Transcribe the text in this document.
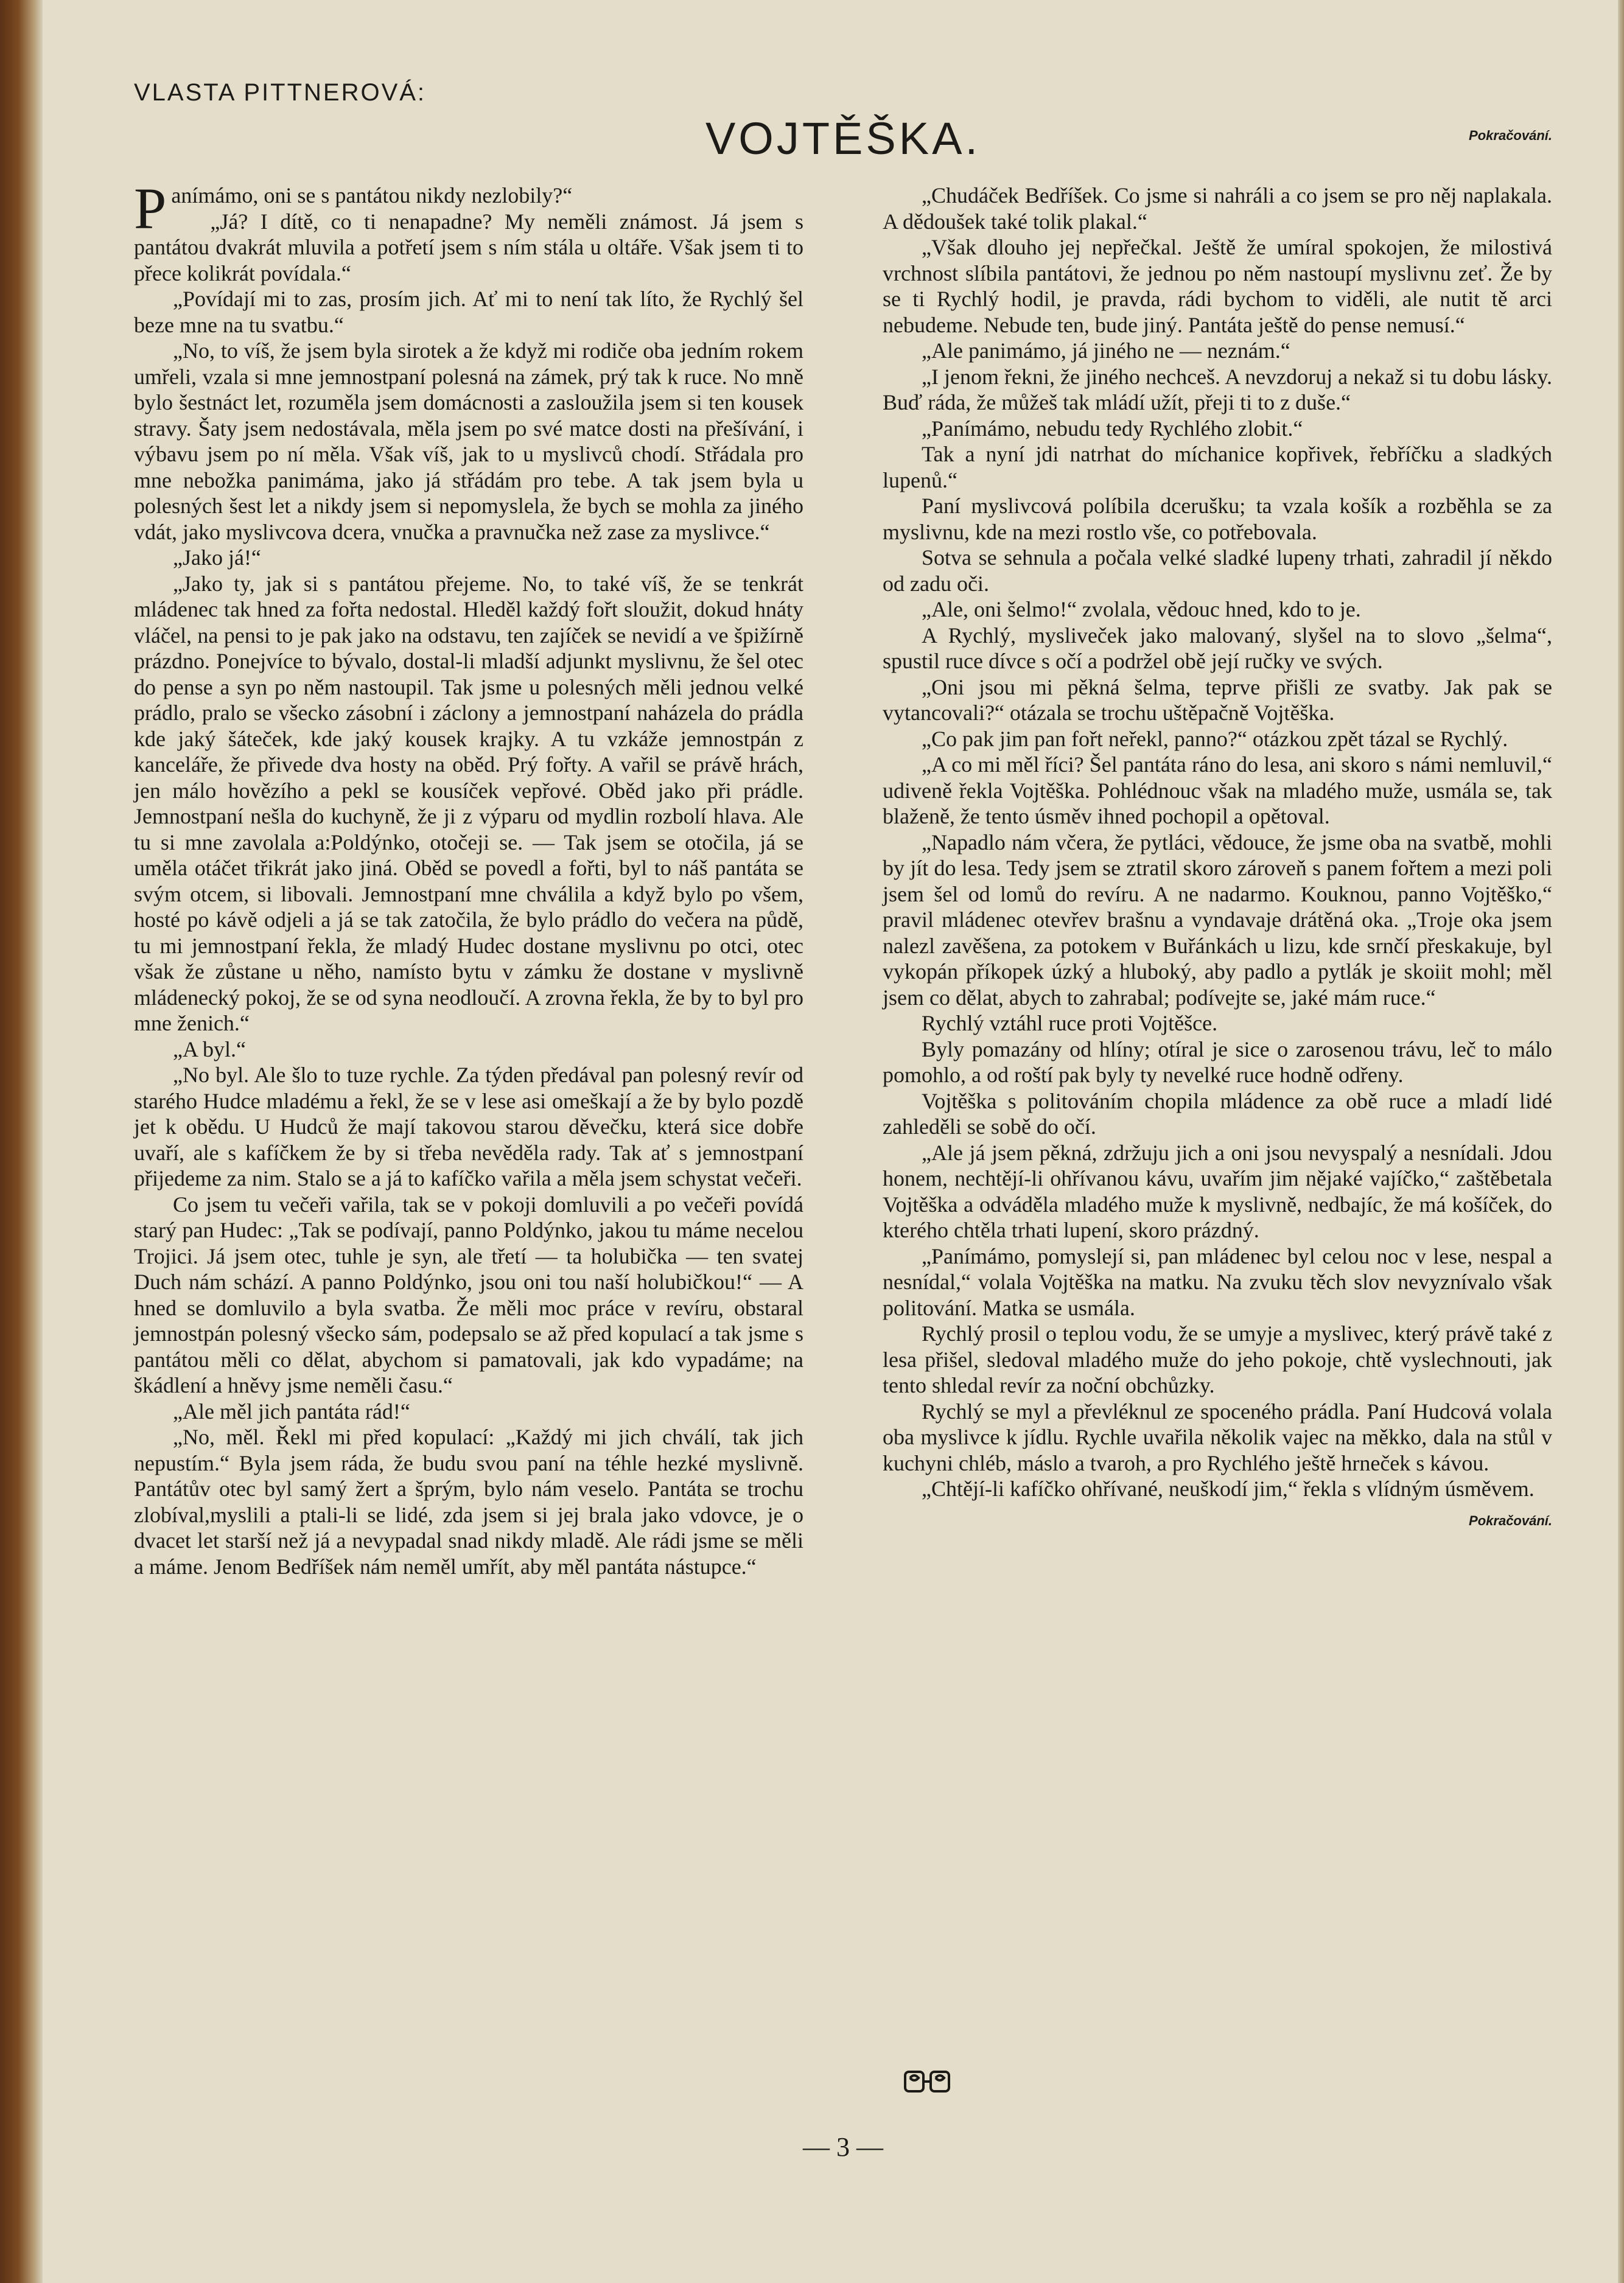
VLASTA PITTNEROVÁ:
VOJTĚŠKA.	Pokračování.

Panímámo, oni se s pantátou nikdy nezlobily?“

„Já? I dítě, co ti nenapadne? My neměli známost. Já jsem s pantátou dvakrát mluvila a potřetí jsem s ním stála u oltáře. Však jsem ti to přece kolikrát povídala.“

„Povídají mi to zas, prosím jich. Ať mi to není tak líto, že Rychlý šel beze mne na tu svatbu.“

„No, to víš, že jsem byla sirotek a že když mi rodiče oba jedním rokem umřeli, vzala si mne jemnostpaní polesná na zámek, prý tak k ruce. No mně bylo šestnáct let, rozuměla jsem domácnosti a zasloužila jsem si ten kousek stravy. Šaty jsem nedostávala, měla jsem po své matce dosti na přešívání, i výbavu jsem po ní měla. Však víš, jak to u myslivců chodí. Střádala pro mne nebožka panimáma, jako já střádám pro tebe. A tak jsem byla u polesných šest let a nikdy jsem si nepomyslela, že bych se mohla za jiného vdát, jako myslivcova dcera, vnučka a pravnučka než zase za myslivce.“

„Jako já!“

„Jako ty, jak si s pantátou přejeme. No, to také víš, že se tenkrát mládenec tak hned za fořta nedostal. Hleděl každý fořt sloužit, dokud hnáty vláčel, na pensi to je pak jako na odstavu, ten zajíček se nevidí a ve špižírně prázdno. Ponejvíce to bývalo, dostal-li mladší adjunkt myslivnu, že šel otec do pense a syn po něm nastoupil. Tak jsme u polesných měli jednou velké prádlo, pralo se všecko zásobní i záclony a jemnostpaní naházela do prádla kde jaký šáteček, kde jaký kousek krajky. A tu vzkáže jemnostpán z kanceláře, že přivede dva hosty na oběd. Prý fořty. A vařil se právě hrách, jen málo hovězího a pekl se kousíček vepřové. Oběd jako při prádle. Jemnostpaní nešla do kuchyně, že ji z výparu od mydlin rozbolí hlava. Ale tu si mne zavolala a:Poldýnko, otočeji se. — Tak jsem se otočila, já se uměla otáčet třikrát jako jiná. Oběd se povedl a fořti, byl to náš pantáta se svým otcem, si libovali. Jemnostpaní mne chválila a když bylo po všem, hosté po kávě odjeli a já se tak zatočila, že bylo prádlo do večera na půdě, tu mi jemnostpaní řekla, že mladý Hudec dostane myslivnu po otci, otec však že zůstane u něho, namísto bytu v zámku že dostane v myslivně mládenecký pokoj, že se od syna neodloučí. A zrovna řekla, že by to byl pro mne ženich.“

„A byl.“

„No byl. Ale šlo to tuze rychle. Za týden předával pan polesný revír od starého Hudce mladému a řekl, že se v lese asi omeškají a že by bylo pozdě jet k obědu. U Hudců že mají takovou starou děvečku, která sice dobře uvaří, ale s kafíčkem že by si třeba nevěděla rady. Tak ať s jemnostpaní přijedeme za nim. Stalo se a já to kafíčko vařila a měla jsem schystat večeři.

Co jsem tu večeři vařila, tak se v pokoji domluvili a po večeři povídá starý pan Hudec: „Tak se podívají, panno Poldýnko, jakou tu máme necelou Trojici. Já jsem otec, tuhle je syn, ale třetí — ta holubička — ten svatej Duch nám schází. A panno Poldýnko, jsou oni tou naší holubičkou!“ — A hned se domluvilo a byla svatba. Že měli moc práce v revíru, obstaral jemnostpán polesný všecko sám, podepsalo se až před kopulací a tak jsme s pantátou měli co dělat, abychom si pamatovali, jak kdo vypadáme; na škádlení a hněvy jsme neměli času.“

„Ale měl jich pantáta rád!“

„No, měl. Řekl mi před kopulací: „Každý mi jich chválí, tak jich nepustím.“ Byla jsem ráda, že budu svou paní na téhle hezké myslivně. Pantátův otec byl samý žert a šprým, bylo nám veselo. Pantáta se trochu zlobíval,myslili a ptali-li se lidé, zda jsem si jej brala jako vdovce, je o dvacet let starší než já a nevypadal snad nikdy mladě. Ale rádi jsme se měli a máme. Jenom Bedříšek nám neměl umřít, aby měl pantáta nástupce.“

„Chudáček Bedříšek. Co jsme si nahráli a co jsem se pro něj naplakala. A dědoušek také tolik plakal.“

„Však dlouho jej nepřečkal. Ještě že umíral spokojen, že milostivá vrchnost slíbila pantátovi, že jednou po něm nastoupí myslivnu zeť. Že by se ti Rychlý hodil, je pravda, rádi bychom to viděli, ale nutit tě arci nebudeme. Nebude ten, bude jiný. Pantáta ještě do pense nemusí.“

„Ale panimámo, já jiného ne — neznám.“

„I jenom řekni, že jiného nechceš. A nevzdoruj a nekaž si tu dobu lásky. Buď ráda, že můžeš tak mládí užít, přeji ti to z duše.“

„Panímámo, nebudu tedy Rychlého zlobit.“

Tak a nyní jdi natrhat do míchanice kopřivek, řebříčku a sladkých lupenů.“

Paní myslivcová políbila dcerušku; ta vzala košík a rozběhla se za myslivnu, kde na mezi rostlo vše, co potřebovala.

Sotva se sehnula a počala velké sladké lupeny trhati, zahradil jí někdo od zadu oči.

„Ale, oni šelmo!“ zvolala, vědouc hned, kdo to je.

A Rychlý, mysliveček jako malovaný, slyšel na to slovo „šelma“, spustil ruce dívce s očí a podržel obě její ručky ve svých.

„Oni jsou mi pěkná šelma, teprve přišli ze svatby. Jak pak se vytancovali?“ otázala se trochu uštěpačně Vojtěška.

„Co pak jim pan fořt neřekl, panno?“ otázkou zpět tázal se Rychlý.

„A co mi měl říci? Šel pantáta ráno do lesa, ani skoro s námi nemluvil,“ udiveně řekla Vojtěška. Pohlédnouc však na mladého muže, usmála se, tak blaženě, že tento úsměv ihned pochopil a opětoval.

„Napadlo nám včera, že pytláci, vědouce, že jsme oba na svatbě, mohli by jít do lesa. Tedy jsem se ztratil skoro zároveň s panem fořtem a mezi poli jsem šel od lomů do revíru. A ne nadarmo. Kouknou, panno Vojtěško,“ pravil mládenec otevřev brašnu a vyndavaje drátěná oka. „Troje oka jsem nalezl zavěšena, za potokem v Buřánkách u lizu, kde srnčí přeskakuje, byl vykopán příkopek úzký a hluboký, aby padlo a pytlák je skoiit mohl; měl jsem co dělat, abych to zahrabal; podívejte se, jaké mám ruce.“

Rychlý vztáhl ruce proti Vojtěšce.

Byly pomazány od hlíny; otíral je sice o zarosenou trávu, leč to málo pomohlo, a od roští pak byly ty nevelké ruce hodně odřeny.

Vojtěška s politováním chopila mládence za obě ruce a mladí lidé zahleděli se sobě do očí.

„Ale já jsem pěkná, zdržuju jich a oni jsou nevyspalý a nesnídali. Jdou honem, nechtějí-li ohřívanou kávu, uvařím jim nějaké vajíčko,“ zaštěbetala Vojtěška a odváděla mladého muže k myslivně, nedbajíc, že má košíček, do kterého chtěla trhati lupení, skoro prázdný.

„Panímámo, pomyslejí si, pan mládenec byl celou noc v lese, nespal a nesnídal,“ volala Vojtěška na matku. Na zvuku těch slov nevyznívalo však politování. Matka se usmála.

Rychlý prosil o teplou vodu, že se umyje a myslivec, který právě také z lesa přišel, sledoval mladého muže do jeho pokoje, chtě vyslechnouti, jak tento shledal revír za noční obchůzky.

Rychlý se myl a převléknul ze spoceného prádla. Paní Hudcová volala oba myslivce k jídlu. Rychle uvařila několik vajec na měkko, dala na stůl v kuchyni chléb, máslo a tvaroh, a pro Rychlého ještě hrneček s kávou.

„Chtějí-li kafíčko ohřívané, neuškodí jim,“ řekla s vlídným úsměvem.

Pokračování.
— 3 —
